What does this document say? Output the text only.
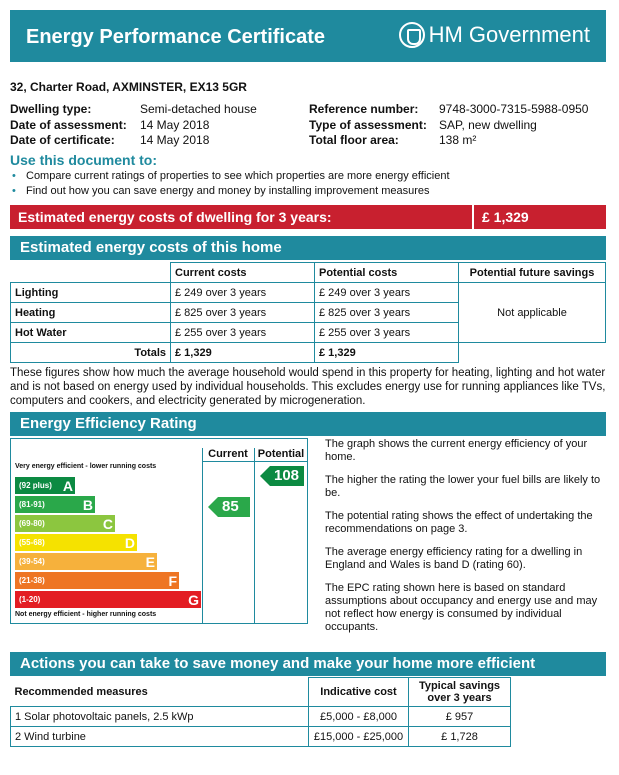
Energy Performance Certificate	HM Government
32, Charter Road, AXMINSTER, EX13 5GR
Dwelling type:	Semi-detached house
Date of assessment: 14 May 2018
Date of certificate: 14 May 2018
Reference number: 9748-3000-7315-5988-0950
Type of assessment: SAP, new dwelling
Total floor area:	138 m²
Use this document to:
• Compare current ratings of properties to see which properties are more energy efficient
• Find out how you can save energy and money by installing improvement measures
Estimated energy costs of dwelling for 3 years:	£ 1,329
Estimated energy costs of this home
	Current costs	Potential costs	Potential future savings
Lighting	£ 249 over 3 years	£ 249 over 3 years	Not applicable
Heating	£ 825 over 3 years	£ 825 over 3 years	
Hot Water	£ 255 over 3 years	£ 255 over 3 years	
Totals	£ 1,329	£ 1,329	
These figures show how much the average household would spend in this property for heating, lighting and hot water and is not based on energy used by individual households. This excludes energy use for running appliances like TVs, computers and cookers, and electricity generated by microgeneration.
Energy Efficiency Rating
Very energy efficient - lower running costs
Not energy efficient - higher running costs
(92 plus) A
(81-91)	B
(69-80)	C
(55-68)	D
(39-54)	E
(21-38)	F
(1-20)	G
Current Potential
85
108

The graph shows the current energy efficiency of your home.

The higher the rating the lower your fuel bills are likely to be.

The potential rating shows the effect of undertaking the recommendations on page 3.

The average energy efficiency rating for a dwelling in England and Wales is band D (rating 60).

The EPC rating shown here is based on standard assumptions about occupancy and energy use and may not reflect how energy is consumed by individual occupants.

Actions you can take to save money and make your home more efficient
Recommended measures	Indicative cost	Typical savings over 3 years	
1 Solar photovoltaic panels, 2.5 kWp	£5,000 - £8,000	£ 957	
2 Wind turbine	£15,000 - £25,000	£ 1,728	
